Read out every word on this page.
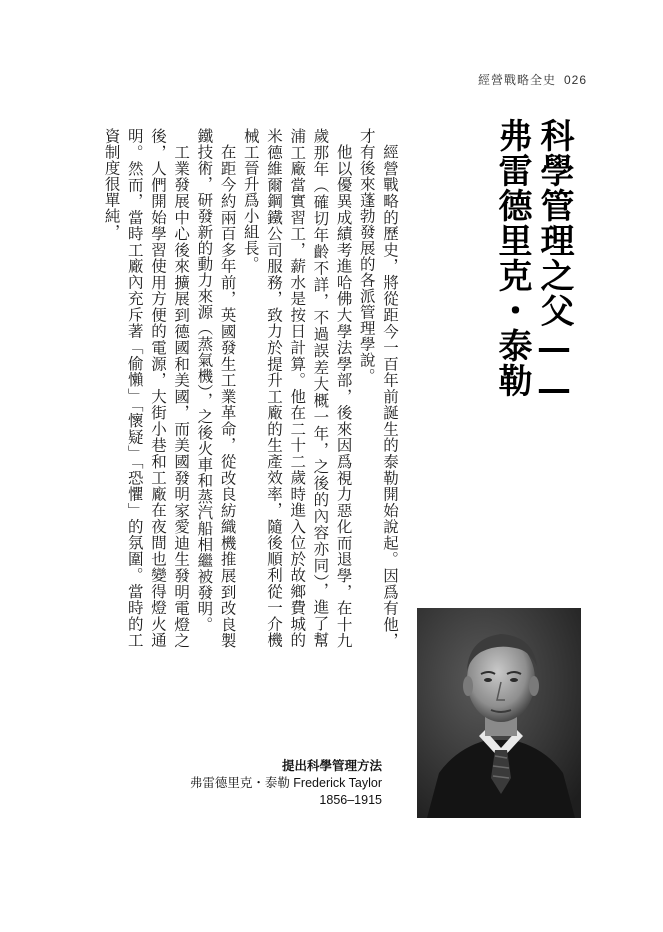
經營戰略全史 026
科學管理之父——
弗雷德里克・泰勒

經營戰略的歷史，將從距今一百年前誕生的泰勒開始說起。因爲有他，才有後來蓬勃發展的各派管理學說。

他以優異成績考進哈佛大學法學部，後來因爲視力惡化而退學，在十九歲那年（確切年齡不詳，不過誤差大概一年，之後的內容亦同），進了幫浦工廠當實習工，薪水是按日計算。他在二十二歲時進入位於故鄉費城的米德維爾鋼鐵公司服務，致力於提升工廠的生產效率，隨後順利從一介機械工晉升爲小組長。

在距今約兩百多年前，英國發生工業革命，從改良紡織機推展到改良製鐵技術，研發新的動力來源（蒸氣機），之後火車和蒸汽船相繼被發明。

工業發展中心後來擴展到德國和美國，而美國發明家愛迪生發明電燈之後，人們開始學習使用方便的電源，大街小巷和工廠在夜間也變得燈火通明。然而，當時工廠內充斥著「偷懶」「懷疑」「恐懼」的氛圍。當時的工資制度很單純，

提出科學管理方法
弗雷德里克・泰勒 Frederick Taylor
1856–1915
